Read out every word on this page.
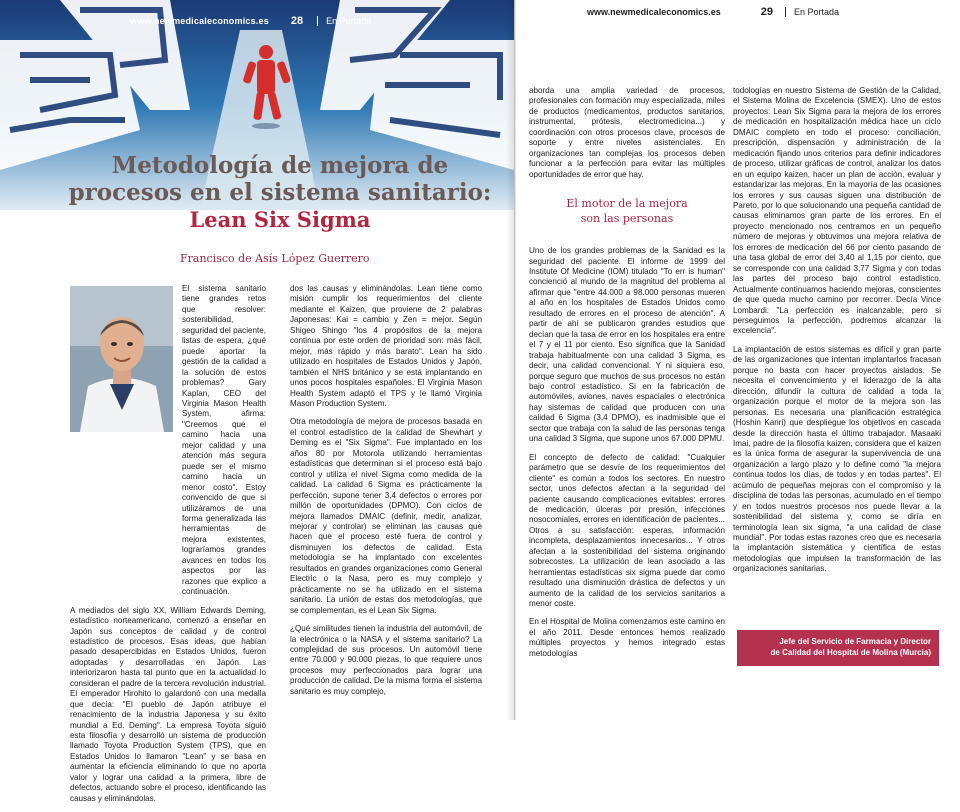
www.newmedicaleconomics.es	28	En Portada
Metodología de mejora de
procesos en el sistema sanitario:
Lean Six Sigma
Francisco de Asís López Guerrero

El sistema sanitario tiene grandes retos que resolver: sostenibilidad, seguridad del paciente, listas de espera, ¿qué puede aportar la gestión de la calidad a la solución de estos problemas? Gary Kaplan, CEO del Virginia Mason Health System, afirma: "Creemos que el camino hacia una mejor calidad y una atención más segura puede ser el mismo camino hacia un menor costo". Estoy convencido de que si utilizáramos de una forma generalizada las herramientas de mejora existentes, lograríamos grandes avances en todos los aspectos por las razones que explico a continuación.

A mediados del siglo XX, William Edwards Deming, estadístico norteamericano, comenzó a enseñar en Japón sus conceptos de calidad y de control estadístico de procesos. Esas ideas, que habían pasado desapercibidas en Estados Unidos, fueron adoptadas y desarrolladas en Japón. Las interiorizaron hasta tal punto que en la actualidad lo consideran el padre de la tercera revolución industrial. El emperador Hirohito lo galardonó con una medalla que decía: "El pueblo de Japón atribuye el renacimiento de la industria Japonesa y su éxito mundial a Ed. Deming". La empresa Toyota siguió esta filosofía y desarrolló un sistema de producción llamado Toyota Production System (TPS), que en Estados Unidos lo llamaron "Lean" y se basa en aumentar la eficiencia eliminando lo que no aporta valor y lograr una calidad a la primera, libre de defectos, actuando sobre el proceso, identificando las causas y eliminándolas.

dos las causas y eliminándolas. Lean tiene como misión cumplir los requerimientos del cliente mediante el Kaizen, que proviene de 2 palabras Japonesas: Kai = cambio y Zen = mejor. Según Shigeo Shingo "los 4 propósitos de la mejora continua por este orden de prioridad son: más fácil, mejor, más rápido y más barato". Lean ha sido utilizado en hospitales de Estados Unidos y Japón, también el NHS británico y se está implantando en unos pocos hospitales españoles. El Virginia Mason Health System adaptó el TPS y le llamó Virginia Mason Production System.

Otra metodología de mejora de procesos basada en el control estadístico de la calidad de Shewhart y Deming es el "Six Sigma". Fue implantado en los años 80 por Motorola utilizando herramientas estadísticas que determinan si el proceso está bajo control y utiliza el nivel Sigma como medida de la calidad. La calidad 6 Sigma es prácticamente la perfección, supone tener 3,4 defectos o errores por millón de oportunidades (DPMO). Con ciclos de mejora llamados DMAIC (definir, medir, analizar, mejorar y controlar) se eliminan las causas que hacen que el proceso esté fuera de control y disminuyen los defectos de calidad. Esta metodología se ha implantado con excelentes resultados en grandes organizaciones como General Electric o la Nasa, pero es muy complejo y prácticamente no se ha utilizado en el sistema sanitario. La unión de estas dos metodologías, que se complementan, es el Lean Six Sigma.

¿Qué similitudes tienen la industria del automóvil, de la electrónica o la NASA y el sistema sanitario? La complejidad de sus procesos. Un automóvil tiene entre 70.000 y 90.000 piezas, lo que requiere unos procesos muy perfeccionados para lograr una producción de calidad. De la misma forma el sistema sanitario es muy complejo,

www.newmedicaleconomics.es	29	En Portada

aborda una amplia variedad de procesos, profesionales con formación muy especializada, miles de productos (medicamentos, productos sanitarios, instrumental, prótesis, electromedicina...) y coordinación con otros procesos clave, procesos de soporte y entre niveles asistenciales. En organizaciones tan complejas los procesos deben funcionar a la perfección para evitar las múltiples oportunidades de error que hay.

El motor de la mejora
son las personas

Uno de los grandes problemas de la Sanidad es la seguridad del paciente. El informe de 1999 del Institute Of Medicine (IOM) titulado "To err is human" concienció al mundo de la magnitud del problema al afirmar que "entre 44.000 a 98.000 personas mueren al año en los hospitales de Estados Unidos como resultado de errores en el proceso de atención". A partir de ahí se publicaron grandes estudios que decían que la tasa de error en los hospitales era entre el 7 y el 11 por ciento. Eso significa que la Sanidad trabaja habitualmente con una calidad 3 Sigma, es decir, una calidad convencional. Y ni siquiera eso, porque seguro que muchos de sus procesos no están bajo control estadístico. Si en la fabricación de automóviles, aviones, naves espaciales o electrónica hay sistemas de calidad que producen con una calidad 6 Sigma (3,4 DPMO), es inadmisible que el sector que trabaja con la salud de las personas tenga una calidad 3 Sigma, que supone unos 67.000 DPMU.

El concepto de defecto de calidad: "Cualquier parámetro que se desvíe de los requerimientos del cliente" es común a todos los sectores. En nuestro sector, unos defectos afectan a la seguridad del paciente causando complicaciones evitables: errores de medicación, úlceras por presión, infecciones nosocomiales, errores en identificación de pacientes... Otros a su satisfacción: esperas, información incompleta, desplazamientos innecesarios... Y otros afectan a la sostenibilidad del sistema originando sobrecostes. La utilización de lean asociado a las herramientas estadísticas six sigma puede dar como resultado una disminución drástica de defectos y un aumento de la calidad de los servicios sanitarios a menor coste.

En el Hospital de Molina comenzamos este camino en el año 2011. Desde entonces hemos realizado múltiples proyectos y hemos integrado estas metodologías

todologías en nuestro Sistema de Gestión de la Calidad, el Sistema Molina de Excelencia (SMEX). Uno de estos proyectos: Lean Six Sigma para la mejora de los errores de medicación en hospitalización médica hace un ciclo DMAIC completo en todo el proceso: conciliación, prescripción, dispensación y administración de la medicación fijando unos criterios para definir indicadores de proceso, utilizar gráficas de control, analizar los datos en un equipo kaizen, hacer un plan de acción, evaluar y estandarizar las mejoras. En la mayoría de las ocasiones los errores y sus causas siguen una distribución de Pareto, por lo que solucionando una pequeña cantidad de causas eliminamos gran parte de los errores. En el proyecto mencionado nos centramos en un pequeño número de mejoras y obtuvimos una mejora relativa de los errores de medicación del 66 por ciento pasando de una tasa global de error del 3,40 al 1,15 por ciento, que se corresponde con una calidad 3,77 Sigma y con todas las partes del proceso bajo control estadístico. Actualmente continuamos haciendo mejoras, conscientes de que queda mucho camino por recorrer. Decía Vince Lombardi: "La perfección es inalcanzable, pero si perseguimos la perfección, podremos alcanzar la excelencia".

La implantación de estos sistemas es difícil y gran parte de las organizaciones que intentan implantarlos fracasan porque no basta con hacer proyectos aislados. Se necesita el convencimiento y el liderazgo de la alta dirección, difundir la cultura de calidad a toda la organización porque el motor de la mejora son las personas. Es necesaria una planificación estratégica (Hoshin Kanri) que despliegue los objetivos en cascada desde la dirección hasta el último trabajador. Masaaki Imai, padre de la filosofía kaizen, considera que el kaizen es la única forma de asegurar la supervivencia de una organización a largo plazo y lo define como "la mejora continua todos los días, de todos y en todas partes". El acúmulo de pequeñas mejoras con el compromiso y la disciplina de todas las personas, acumulado en el tiempo y en todos nuestros procesos nos puede llevar a la sostenibilidad del sistema y, como se diría en terminología lean six sigma, "a una calidad de clase mundial". Por todas estas razones creo que es necesaria la implantación sistemática y científica de estas metodologías que impulsen la transformación de las organizaciones sanitarias.

Jefe del Servicio de Farmacia y Director
de Calidad del Hospital de Molina (Murcia)
